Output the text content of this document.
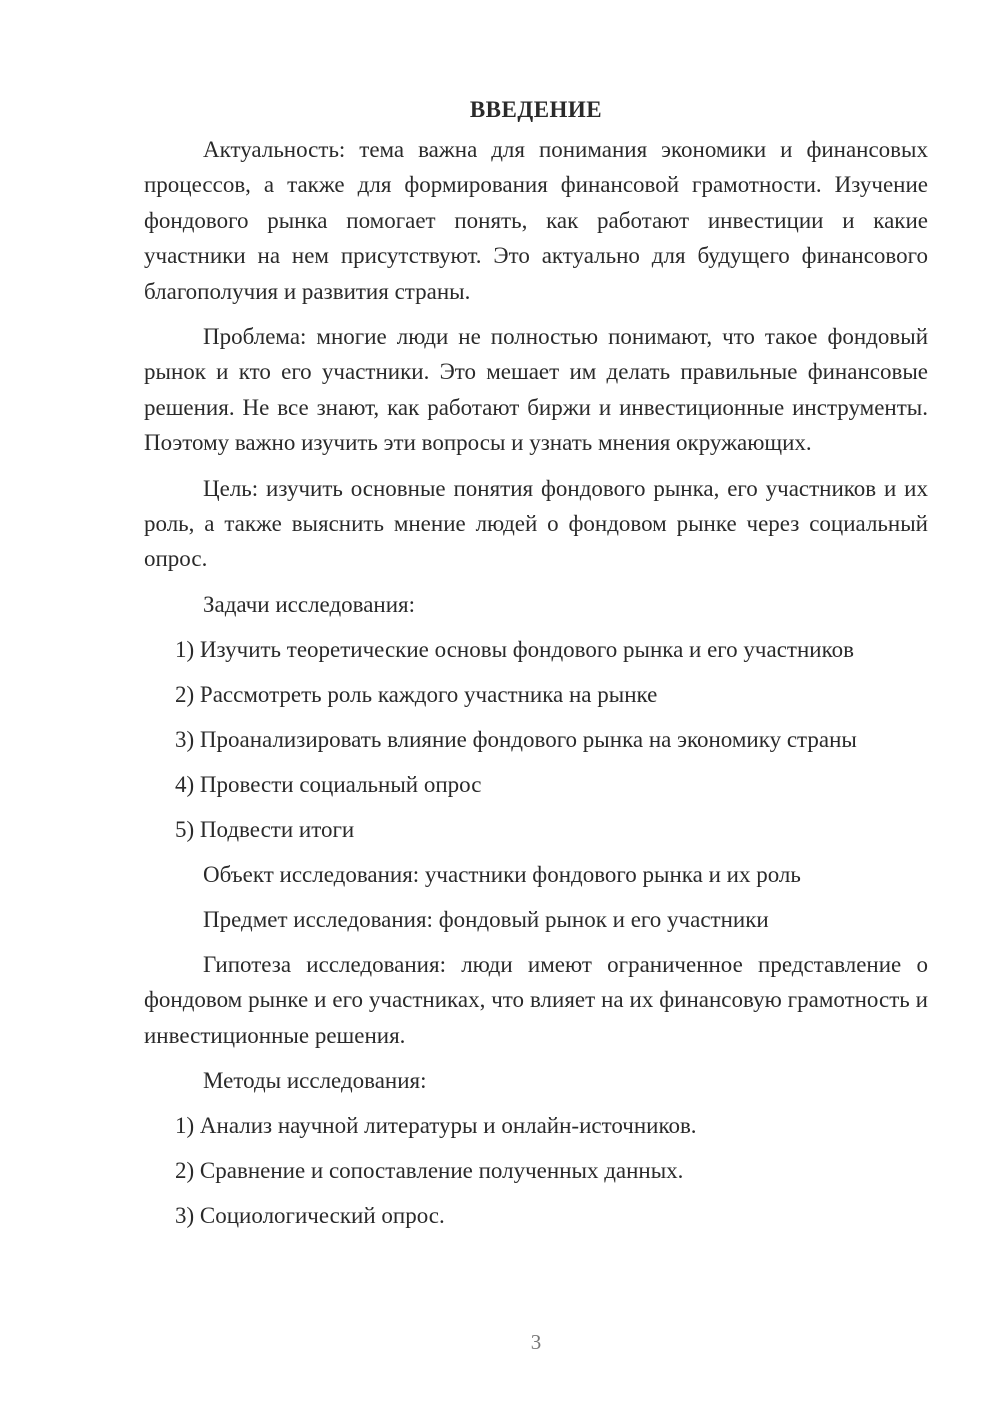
ВВЕДЕНИЕ

Актуальность: тема важна для понимания экономики и финансовых процессов, а также для формирования финансовой грамотности. Изучение фондового рынка помогает понять, как работают инвестиции и какие участники на нем присутствуют. Это актуально для будущего финансового благополучия и развития страны.

Проблема: многие люди не полностью понимают, что такое фондовый рынок и кто его участники. Это мешает им делать правильные финансовые решения. Не все знают, как работают биржи и инвестиционные инструменты. Поэтому важно изучить эти вопросы и узнать мнения окружающих.

Цель: изучить основные понятия фондового рынка, его участников и их роль, а также выяснить мнение людей о фондовом рынке через социальный опрос.

Задачи исследования:
1) Изучить теоретические основы фондового рынка и его участников
2) Рассмотреть роль каждого участника на рынке
3) Проанализировать влияние фондового рынка на экономику страны
4) Провести социальный опрос
5) Подвести итоги
Объект исследования: участники фондового рынка и их роль
Предмет исследования: фондовый рынок и его участники

Гипотеза исследования: люди имеют ограниченное представление о фондовом рынке и его участниках, что влияет на их финансовую грамотность и инвестиционные решения.

Методы исследования:
1) Анализ научной литературы и онлайн-источников.
2) Сравнение и сопоставление полученных данных.
3) Социологический опрос.
3
